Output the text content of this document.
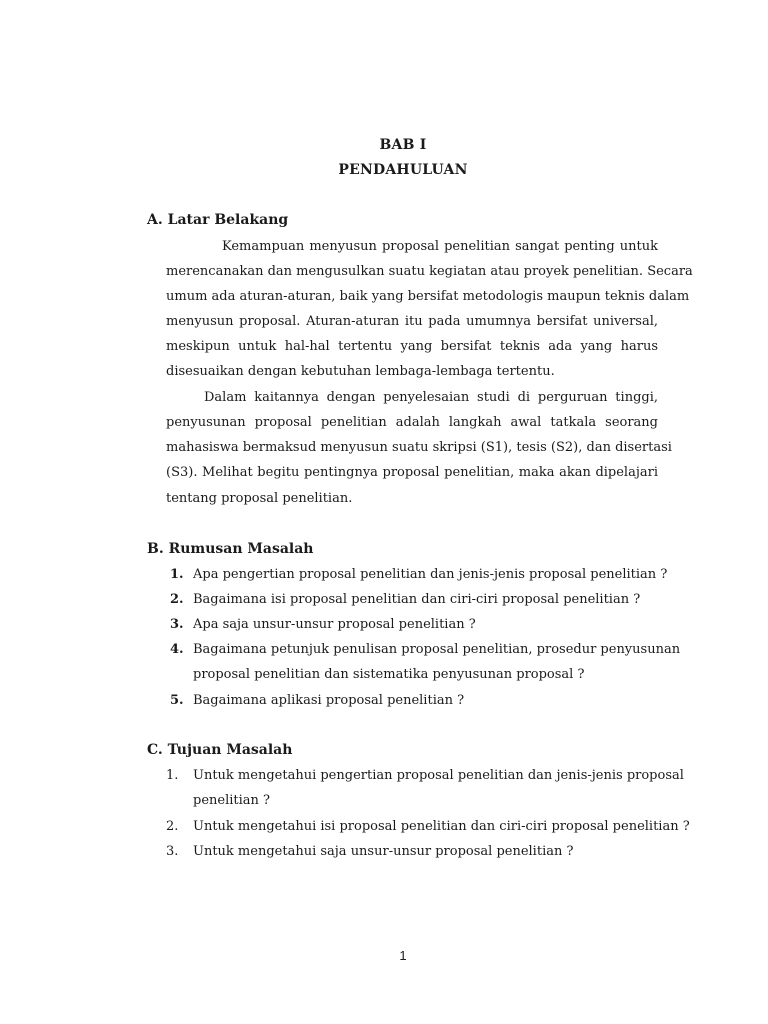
BAB I
PENDAHULUAN
A. Latar Belakang
Kemampuan menyusun proposal penelitian sangat penting untuk
merencanakan dan mengusulkan suatu kegiatan atau proyek penelitian. Secara
umum ada aturan-aturan, baik yang bersifat metodologis maupun teknis dalam
menyusun proposal. Aturan-aturan itu pada umumnya bersifat universal,
meskipun untuk hal-hal tertentu yang bersifat teknis ada yang harus
disesuaikan dengan kebutuhan lembaga-lembaga tertentu.
Dalam kaitannya dengan penyelesaian studi di perguruan tinggi,
penyusunan proposal penelitian adalah langkah awal tatkala seorang
mahasiswa bermaksud menyusun suatu skripsi (S1), tesis (S2), dan disertasi
(S3). Melihat begitu pentingnya proposal penelitian, maka akan dipelajari
tentang proposal penelitian.
B. Rumusan Masalah
1. Apa pengertian proposal penelitian dan jenis-jenis proposal penelitian ?
2. Bagaimana isi proposal penelitian dan ciri-ciri proposal penelitian ?
3. Apa saja unsur-unsur proposal penelitian ?
4. Bagaimana petunjuk penulisan proposal penelitian, prosedur penyusunan
proposal penelitian dan sistematika penyusunan proposal ?
5. Bagaimana aplikasi proposal penelitian ?
C. Tujuan Masalah
1. Untuk mengetahui pengertian proposal penelitian dan jenis-jenis proposal
penelitian ?
2. Untuk mengetahui isi proposal penelitian dan ciri-ciri proposal penelitian ?
3. Untuk mengetahui saja unsur-unsur proposal penelitian ?
1
